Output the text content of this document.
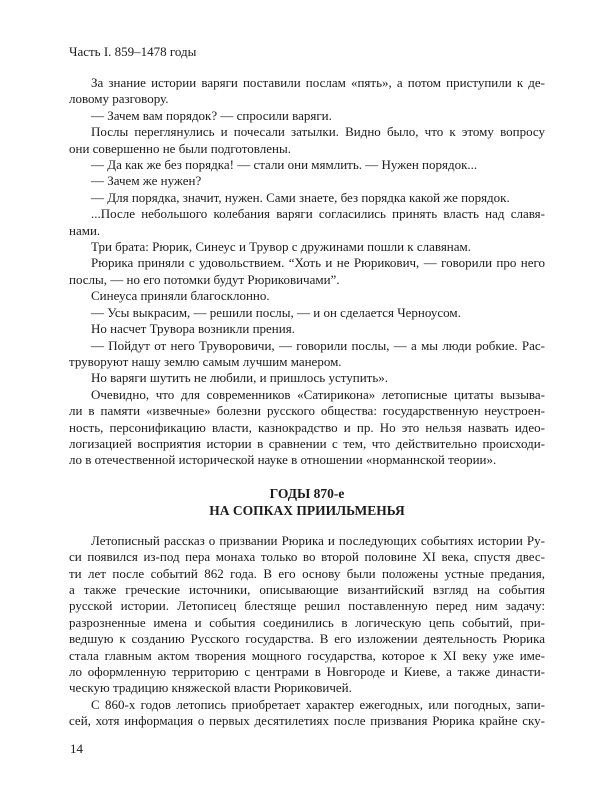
Часть I. 859–1478 годы

За знание истории варяги поставили послам «пять», а потом приступили к де-
ловому разговору.

— Зачем вам порядок? — спросили варяги.

Послы переглянулись и почесали затылки. Видно было, что к этому вопросу
они совершенно не были подготовлены.

— Да как же без порядка! — стали они мямлить. — Нужен порядок...

— Зачем же нужен?

— Для порядка, значит, нужен. Сами знаете, без порядка какой же порядок.

...После небольшого колебания варяги согласились принять власть над славя-
нами.

Три брата: Рюрик, Синеус и Трувор с дружинами пошли к славянам.

Рюрика приняли с удовольствием. “Хоть и не Рюрикович, — говорили про него
послы, — но его потомки будут Рюриковичами”.

Синеуса приняли благосклонно.

— Усы выкрасим, — решили послы, — и он сделается Черноусом.

Но насчет Трувора возникли прения.

— Пойдут от него Труворовичи, — говорили послы, — а мы люди робкие. Рас-
труворуют нашу землю самым лучшим манером.

Но варяги шутить не любили, и пришлось уступить».

Очевидно, что для современников «Сатирикона» летописные цитаты вызыва-
ли в памяти «извечные» болезни русского общества: государственную неустроен-
ность, персонификацию власти, казнокрадство и пр. Но это нельзя назвать идео-
логизацией восприятия истории в сравнении с тем, что действительно происходи-
ло в отечественной исторической науке в отношении «норманнской теории».

ГОДЫ 870-е
НА СОПКАХ ПРИИЛЬМЕНЬЯ

Летописный рассказ о призвании Рюрика и последующих событиях истории Ру-
си появился из-под пера монаха только во второй половине XI века, спустя двес-
ти лет после событий 862 года. В его основу были положены устные предания,
а также греческие источники, описывающие византийский взгляд на события
русской истории. Летописец блестяще решил поставленную перед ним задачу:
разрозненные имена и события соединились в логическую цепь событий, при-
ведшую к созданию Русского государства. В его изложении деятельность Рюрика
стала главным актом творения мощного государства, которое к XI веку уже име-
ло оформленную территорию с центрами в Новгороде и Киеве, а также династи-
ческую традицию княжеской власти Рюриковичей.

С 860-х годов летопись приобретает характер ежегодных, или погодных, запи-
сей, хотя информация о первых десятилетиях после призвания Рюрика крайне ску-

14
